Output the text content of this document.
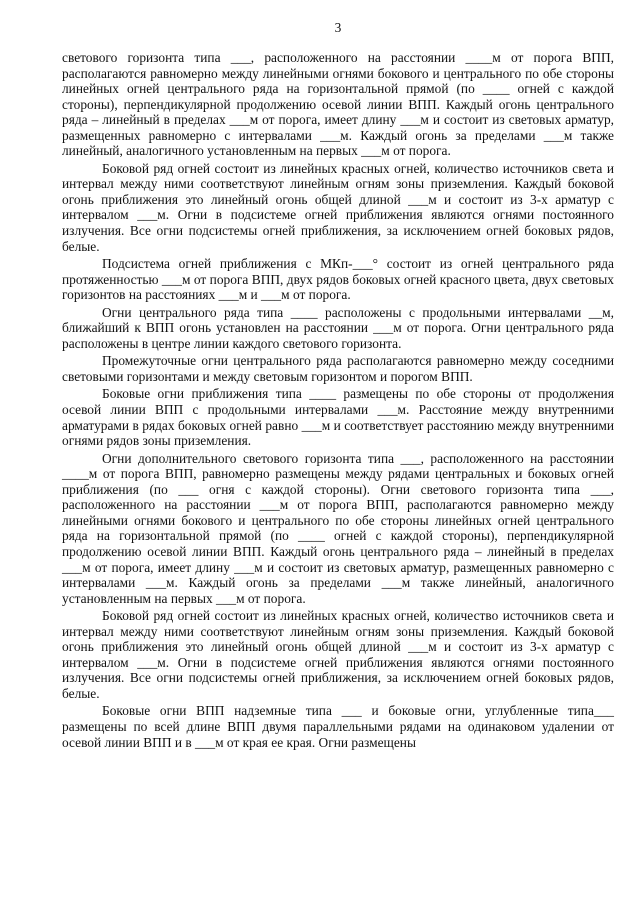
3

светового горизонта типа ___, расположенного на расстоянии ____м от порога ВПП, располагаются равномерно между линейными огнями бокового и центрального по обе стороны линейных огней центрального ряда на горизонтальной прямой (по ____ огней с каждой стороны), перпендикулярной продолжению осевой линии ВПП. Каждый огонь центрального ряда – линейный в пределах ___м от порога, имеет длину ___м и состоит из световых арматур, размещенных равномерно с интервалами ___м. Каждый огонь за пределами ___м также линейный, аналогичного установленным на первых ___м от порога.

Боковой ряд огней состоит из линейных красных огней, количество источников света и интервал между ними соответствуют линейным огням зоны приземления. Каждый боковой огонь приближения это линейный огонь общей длиной ___м и состоит из 3-х арматур с интервалом ___м. Огни в подсистеме огней приближения являются огнями постоянного излучения. Все огни подсистемы огней приближения, за исключением огней боковых рядов, белые.

Подсистема огней приближения с МКп-___° состоит из огней центрального ряда протяженностью ___м от порога ВПП, двух рядов боковых огней красного цвета, двух световых горизонтов на расстояниях ___м и ___м от порога.

Огни центрального ряда типа ____ расположены с продольными интервалами __м, ближайший к ВПП огонь установлен на расстоянии ___м от порога. Огни центрального ряда расположены в центре линии каждого светового горизонта.

Промежуточные огни центрального ряда располагаются равномерно между соседними световыми горизонтами и между световым горизонтом и порогом ВПП.

Боковые огни приближения типа ____ размещены по обе стороны от продолжения осевой линии ВПП с продольными интервалами ___м. Расстояние между внутренними арматурами в рядах боковых огней равно ___м и соответствует расстоянию между внутренними огнями рядов зоны приземления.

Огни дополнительного светового горизонта типа ___, расположенного на расстоянии ____м от порога ВПП, равномерно размещены между рядами центральных и боковых огней приближения (по ___ огня с каждой стороны). Огни светового горизонта типа ___, расположенного на расстоянии ___м от порога ВПП, располагаются равномерно между линейными огнями бокового и центрального по обе стороны линейных огней центрального ряда на горизонтальной прямой (по ____ огней с каждой стороны), перпендикулярной продолжению осевой линии ВПП. Каждый огонь центрального ряда – линейный в пределах ___м от порога, имеет длину ___м и состоит из световых арматур, размещенных равномерно с интервалами ___м. Каждый огонь за пределами ___м также линейный, аналогичного установленным на первых ___м от порога.

Боковой ряд огней состоит из линейных красных огней, количество источников света и интервал между ними соответствуют линейным огням зоны приземления. Каждый боковой огонь приближения это линейный огонь общей длиной ___м и состоит из 3-х арматур с интервалом ___м. Огни в подсистеме огней приближения являются огнями постоянного излучения. Все огни подсистемы огней приближения, за исключением огней боковых рядов, белые.

Боковые огни ВПП надземные типа ___ и боковые огни, углубленные типа___ размещены по всей длине ВПП двумя параллельными рядами на одинаковом удалении от осевой линии ВПП и в ___м от края ее края. Огни размещены
